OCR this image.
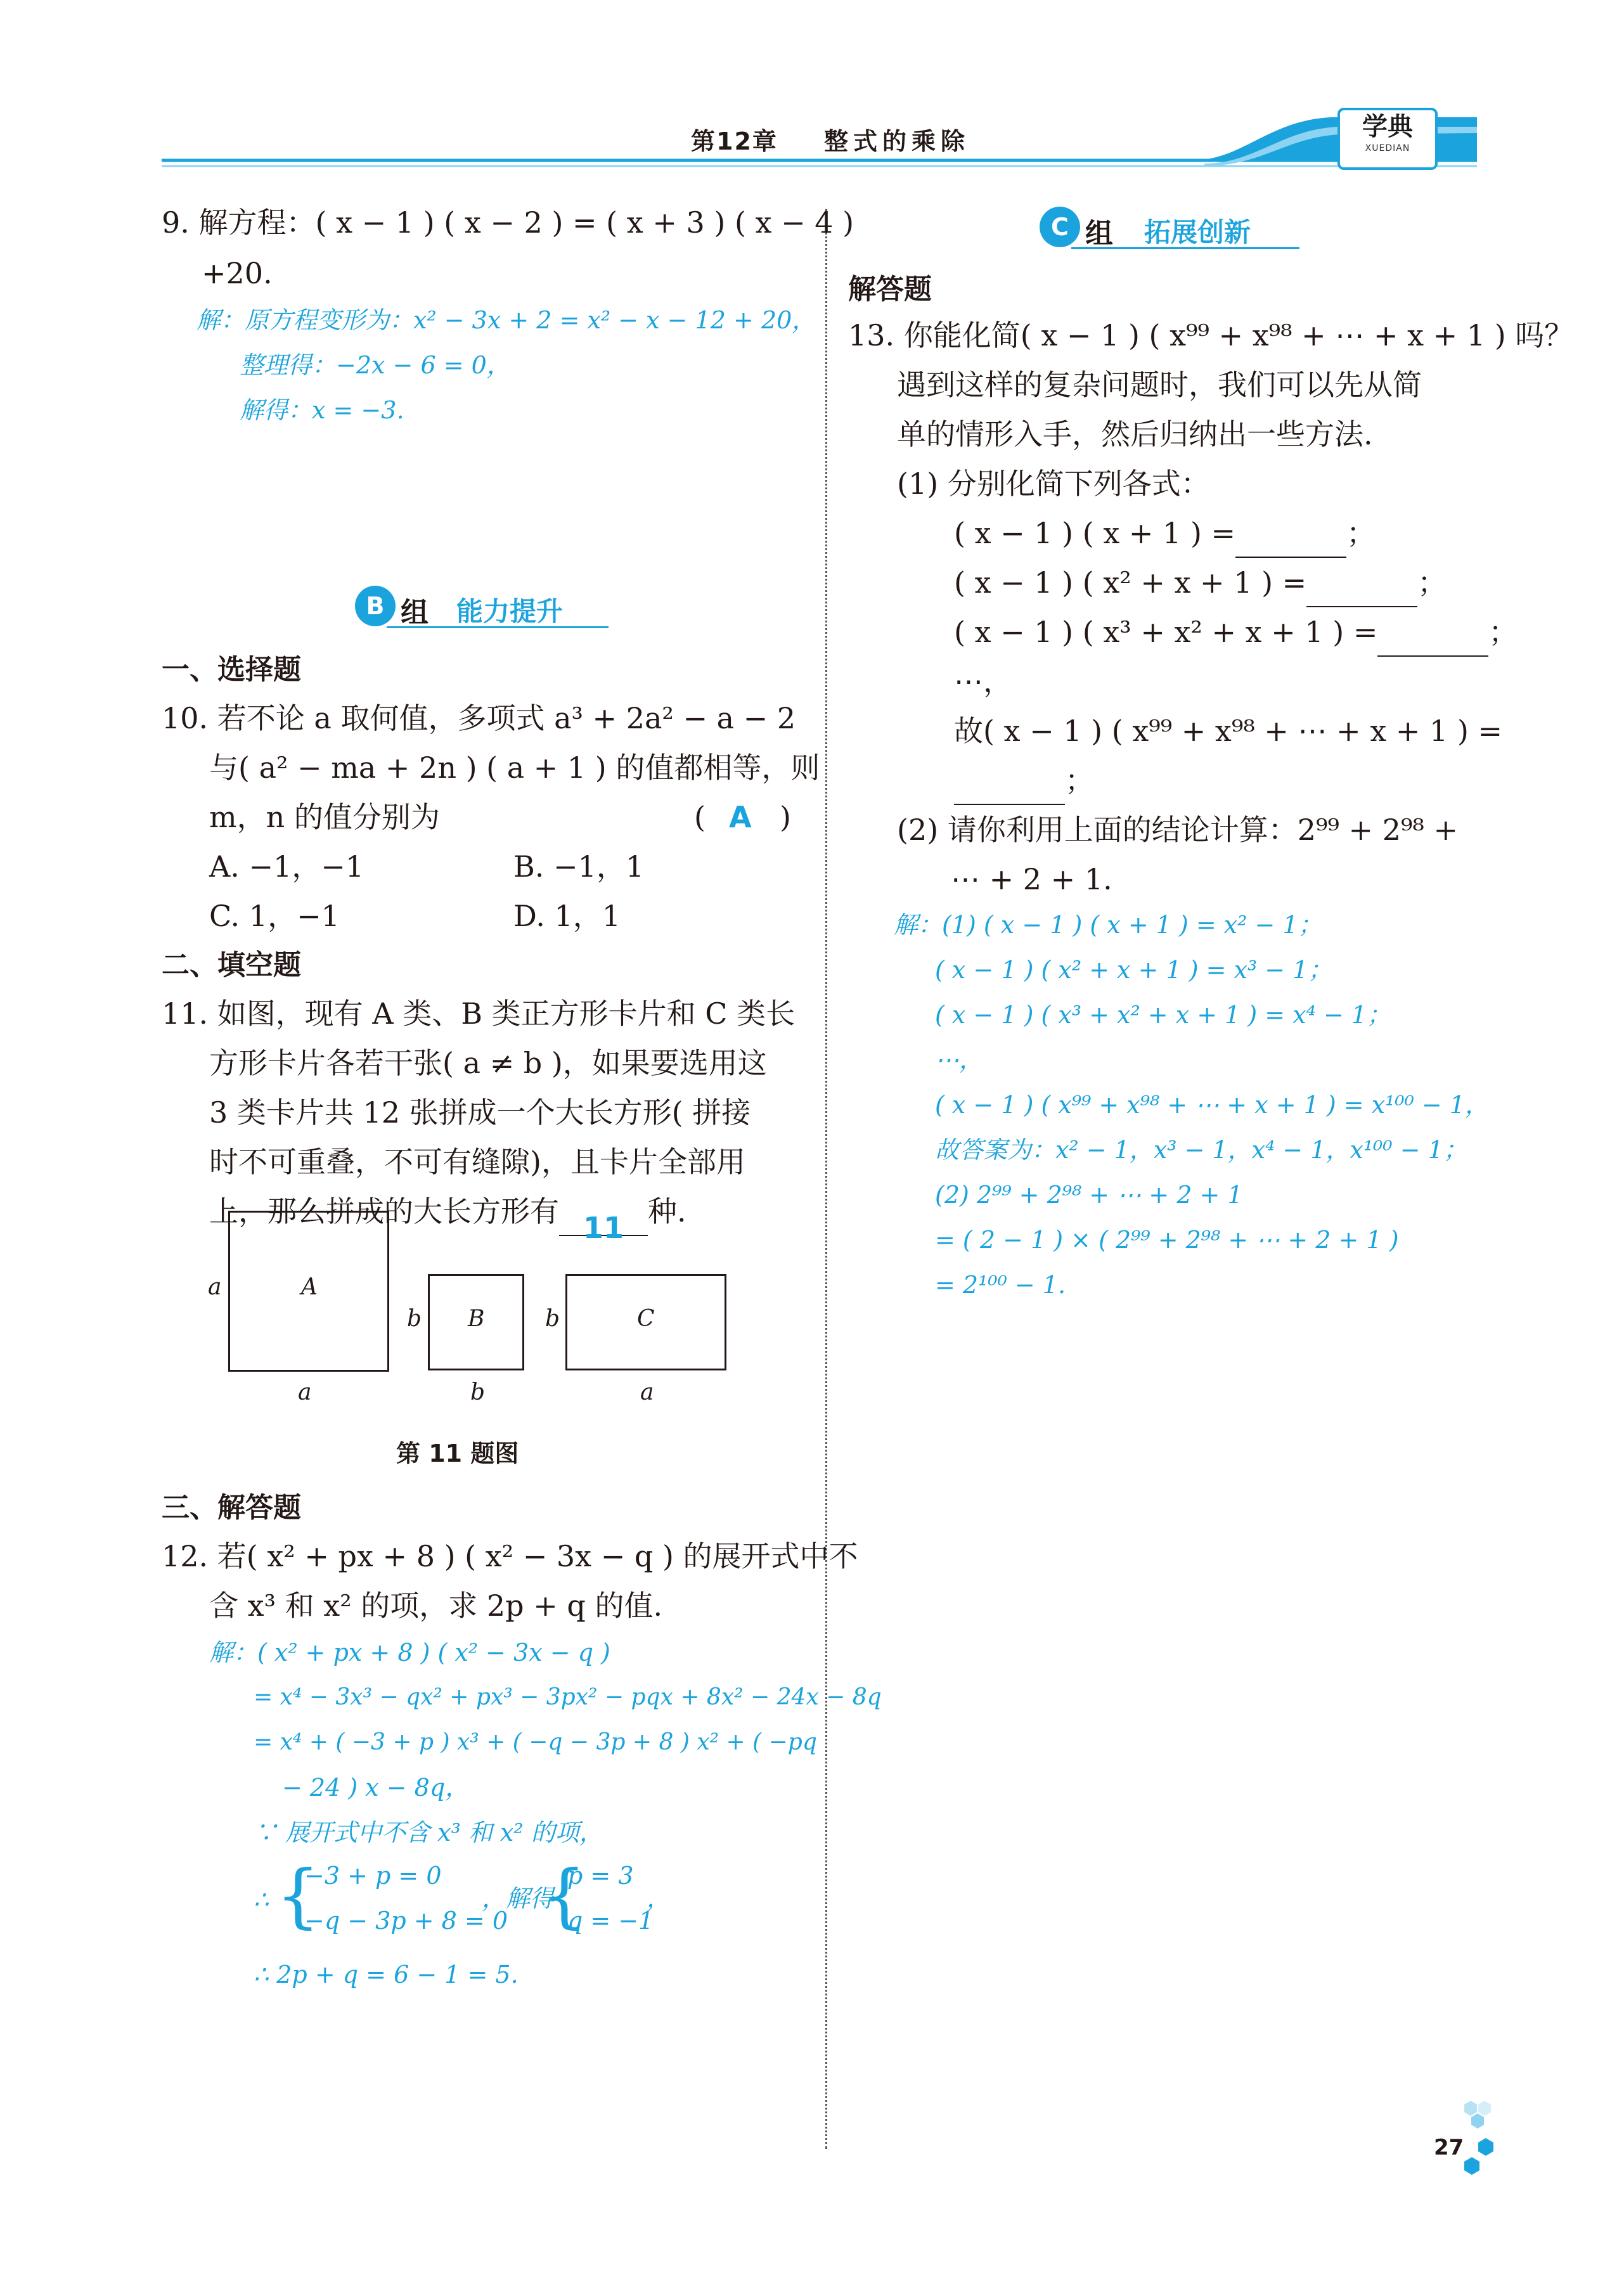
第12章 整式的乘除	学典
XUEDIAN
9. 解方程：( x − 1 ) ( x − 2 ) = ( x + 3 ) ( x − 4 )
+20.
解：原方程变形为：x² − 3x + 2 = x² − x − 12 + 20，
整理得：−2x − 6 = 0，
解得：x = −3.
B 组 能力提升
一、选择题
10. 若不论 a 取何值，多项式 a³ + 2a² − a − 2
与( a² − ma + 2n ) ( a + 1 ) 的值都相等，则
m，n 的值分别为	( A )
A. −1，−1	B. −1，1
C. 1，−1	D. 1，1
二、填空题
11. 如图，现有 A 类、B 类正方形卡片和 C 类长
方形卡片各若干张( a ≠ b )，如果要选用这
3 类卡片共 12 张拼成一个大长方形( 拼接
时不可重叠，不可有缝隙)，且卡片全部用
上，那么拼成的大长方形有 11 种.
A
a
a
B
b
b
C
b
a
第 11 题图
三、解答题
12. 若( x² + px + 8 ) ( x² − 3x − q ) 的展开式中不
含 x³ 和 x² 的项，求 2p + q 的值.
解：( x² + px + 8 ) ( x² − 3x − q )
= x⁴ − 3x³ − qx² + px³ − 3px² − pqx + 8x² − 24x − 8q
= x⁴ + ( −3 + p ) x³ + ( −q − 3p + 8 ) x² + ( −pq
− 24 ) x − 8q，
∵ 展开式中不含 x³ 和 x² 的项，
∴ {
−3 + p = 0
−q − 3p + 8 = 0
，解得
{
p = 3
q = −1
，
∴ 2p + q = 6 − 1 = 5.
C 组 拓展创新
解答题
13. 你能化简( x − 1 ) ( x⁹⁹ + x⁹⁸ + ⋯ + x + 1 ) 吗？
遇到这样的复杂问题时，我们可以先从简
单的情形入手，然后归纳出一些方法.
(1) 分别化简下列各式：
( x − 1 ) ( x + 1 ) =	；
( x − 1 ) ( x² + x + 1 ) =	；
( x − 1 ) ( x³ + x² + x + 1 ) =	；
⋯，
故( x − 1 ) ( x⁹⁹ + x⁹⁸ + ⋯ + x + 1 ) =
；
(2) 请你利用上面的结论计算：2⁹⁹ + 2⁹⁸ +
⋯ + 2 + 1.
解：(1) ( x − 1 ) ( x + 1 ) = x² − 1；
( x − 1 ) ( x² + x + 1 ) = x³ − 1；
( x − 1 ) ( x³ + x² + x + 1 ) = x⁴ − 1；
⋯，
( x − 1 ) ( x⁹⁹ + x⁹⁸ + ⋯ + x + 1 ) = x¹⁰⁰ − 1，
故答案为：x² − 1，x³ − 1，x⁴ − 1，x¹⁰⁰ − 1；
(2) 2⁹⁹ + 2⁹⁸ + ⋯ + 2 + 1
= ( 2 − 1 ) × ( 2⁹⁹ + 2⁹⁸ + ⋯ + 2 + 1 )
= 2¹⁰⁰ − 1.
27
